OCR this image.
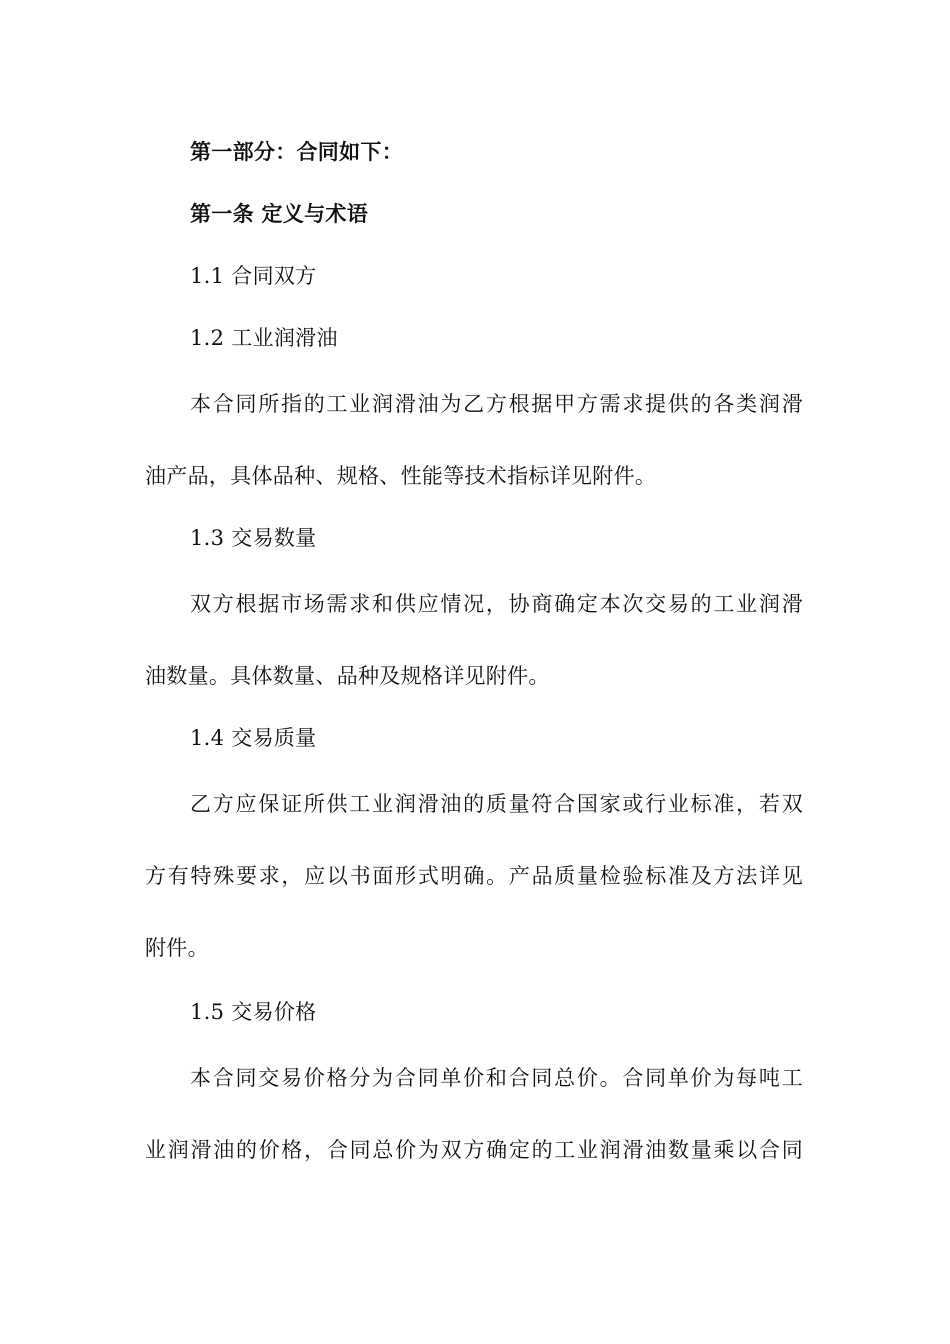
第一部分：合同如下：
第一条 定义与术语
1.1 合同双方
1.2 工业润滑油
本合同所指的工业润滑油为乙方根据甲方需求提供的各类润滑
油产品，具体品种、规格、性能等技术指标详见附件。
1.3 交易数量
双方根据市场需求和供应情况，协商确定本次交易的工业润滑
油数量。具体数量、品种及规格详见附件。
1.4 交易质量
乙方应保证所供工业润滑油的质量符合国家或行业标准，若双
方有特殊要求，应以书面形式明确。产品质量检验标准及方法详见
附件。
1.5 交易价格
本合同交易价格分为合同单价和合同总价。合同单价为每吨工
业润滑油的价格，合同总价为双方确定的工业润滑油数量乘以合同
